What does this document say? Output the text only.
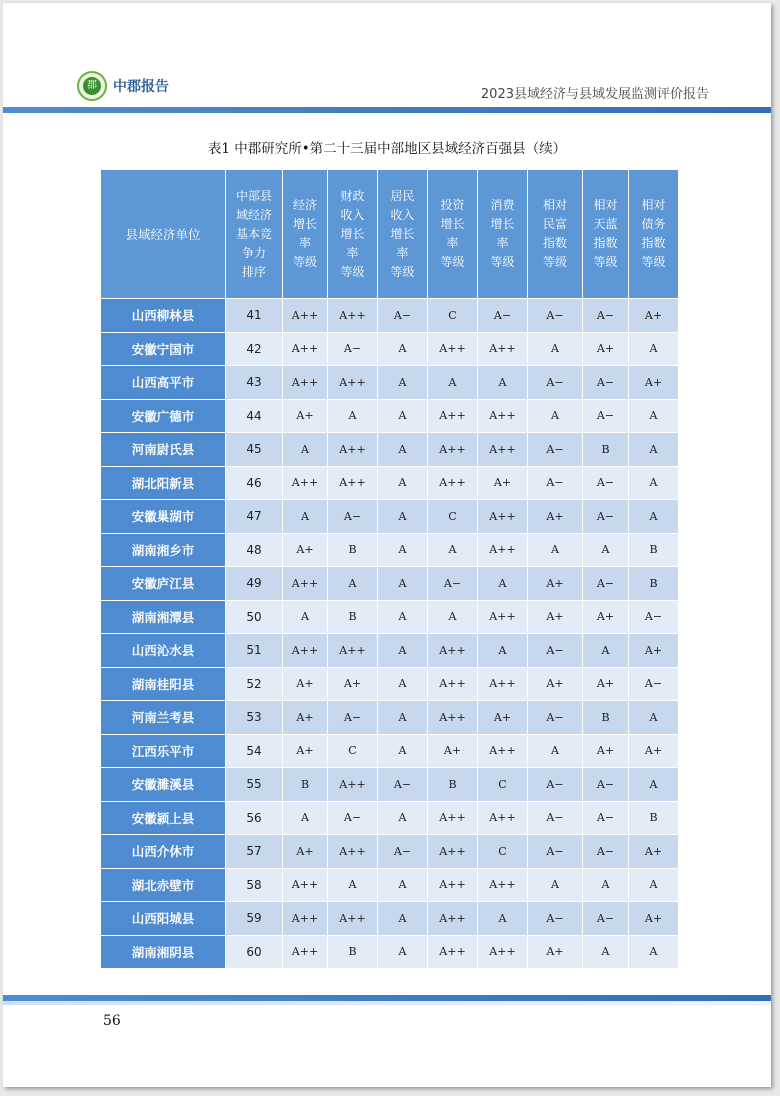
郡 中郡报告	2023县域经济与县域发展监测评价报告
表1 中郡研究所•第二十三届中部地区县域经济百强县（续）
县域经济单位	中部县
域经济
基本竞
争力
排序	经济
增长
率
等级	财政
收入
增长
率
等级	居民
收入
增长
率
等级	投资
增长
率
等级	消费
增长
率
等级	相对
民富
指数
等级	相对
天蓝
指数
等级	相对
债务
指数
等级

山西柳林县	41	A++	A++	A−	C	A−	A−	A−	A+
安徽宁国市	42	A++	A−	A	A++	A++	A	A+	A
山西高平市	43	A++	A++	A	A	A	A−	A−	A+
安徽广德市	44	A+	A	A	A++	A++	A	A−	A
河南尉氏县	45	A	A++	A	A++	A++	A−	B	A
湖北阳新县	46	A++	A++	A	A++	A+	A−	A−	A
安徽巢湖市	47	A	A−	A	C	A++	A+	A−	A
湖南湘乡市	48	A+	B	A	A	A++	A	A	B
安徽庐江县	49	A++	A	A	A−	A	A+	A−	B
湖南湘潭县	50	A	B	A	A	A++	A+	A+	A−
山西沁水县	51	A++	A++	A	A++	A	A−	A	A+
湖南桂阳县	52	A+	A+	A	A++	A++	A+	A+	A−
河南兰考县	53	A+	A−	A	A++	A+	A−	B	A
江西乐平市	54	A+	C	A	A+	A++	A	A+	A+
安徽濉溪县	55	B	A++	A−	B	C	A−	A−	A
安徽颍上县	56	A	A−	A	A++	A++	A−	A−	B
山西介休市	57	A+	A++	A−	A++	C	A−	A−	A+
湖北赤壁市	58	A++	A	A	A++	A++	A	A	A
山西阳城县	59	A++	A++	A	A++	A	A−	A−	A+
湖南湘阴县	60	A++	B	A	A++	A++	A+	A	A
56
